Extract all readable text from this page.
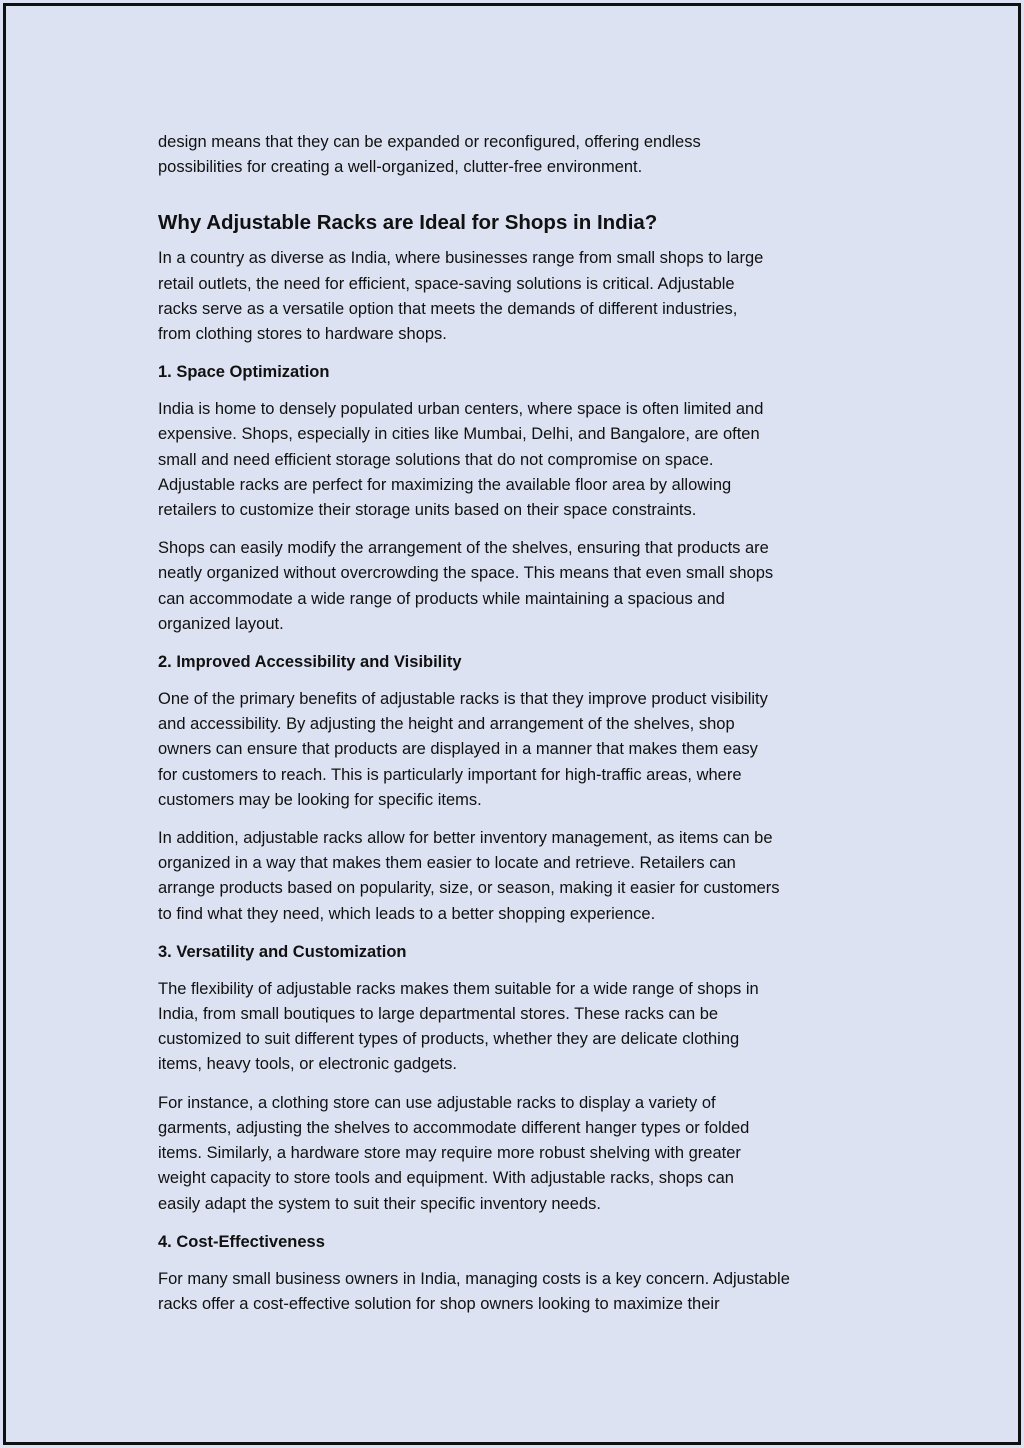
design means that they can be expanded or reconfigured, offering endless
possibilities for creating a well-organized, clutter-free environment.

Why Adjustable Racks are Ideal for Shops in India?

In a country as diverse as India, where businesses range from small shops to large
retail outlets, the need for efficient, space-saving solutions is critical. Adjustable
racks serve as a versatile option that meets the demands of different industries,
from clothing stores to hardware shops.

1. Space Optimization

India is home to densely populated urban centers, where space is often limited and
expensive. Shops, especially in cities like Mumbai, Delhi, and Bangalore, are often
small and need efficient storage solutions that do not compromise on space.
Adjustable racks are perfect for maximizing the available floor area by allowing
retailers to customize their storage units based on their space constraints.

Shops can easily modify the arrangement of the shelves, ensuring that products are
neatly organized without overcrowding the space. This means that even small shops
can accommodate a wide range of products while maintaining a spacious and
organized layout.

2. Improved Accessibility and Visibility

One of the primary benefits of adjustable racks is that they improve product visibility
and accessibility. By adjusting the height and arrangement of the shelves, shop
owners can ensure that products are displayed in a manner that makes them easy
for customers to reach. This is particularly important for high-traffic areas, where
customers may be looking for specific items.

In addition, adjustable racks allow for better inventory management, as items can be
organized in a way that makes them easier to locate and retrieve. Retailers can
arrange products based on popularity, size, or season, making it easier for customers
to find what they need, which leads to a better shopping experience.

3. Versatility and Customization

The flexibility of adjustable racks makes them suitable for a wide range of shops in
India, from small boutiques to large departmental stores. These racks can be
customized to suit different types of products, whether they are delicate clothing
items, heavy tools, or electronic gadgets.

For instance, a clothing store can use adjustable racks to display a variety of
garments, adjusting the shelves to accommodate different hanger types or folded
items. Similarly, a hardware store may require more robust shelving with greater
weight capacity to store tools and equipment. With adjustable racks, shops can
easily adapt the system to suit their specific inventory needs.

4. Cost-Effectiveness

For many small business owners in India, managing costs is a key concern. Adjustable
racks offer a cost-effective solution for shop owners looking to maximize their
